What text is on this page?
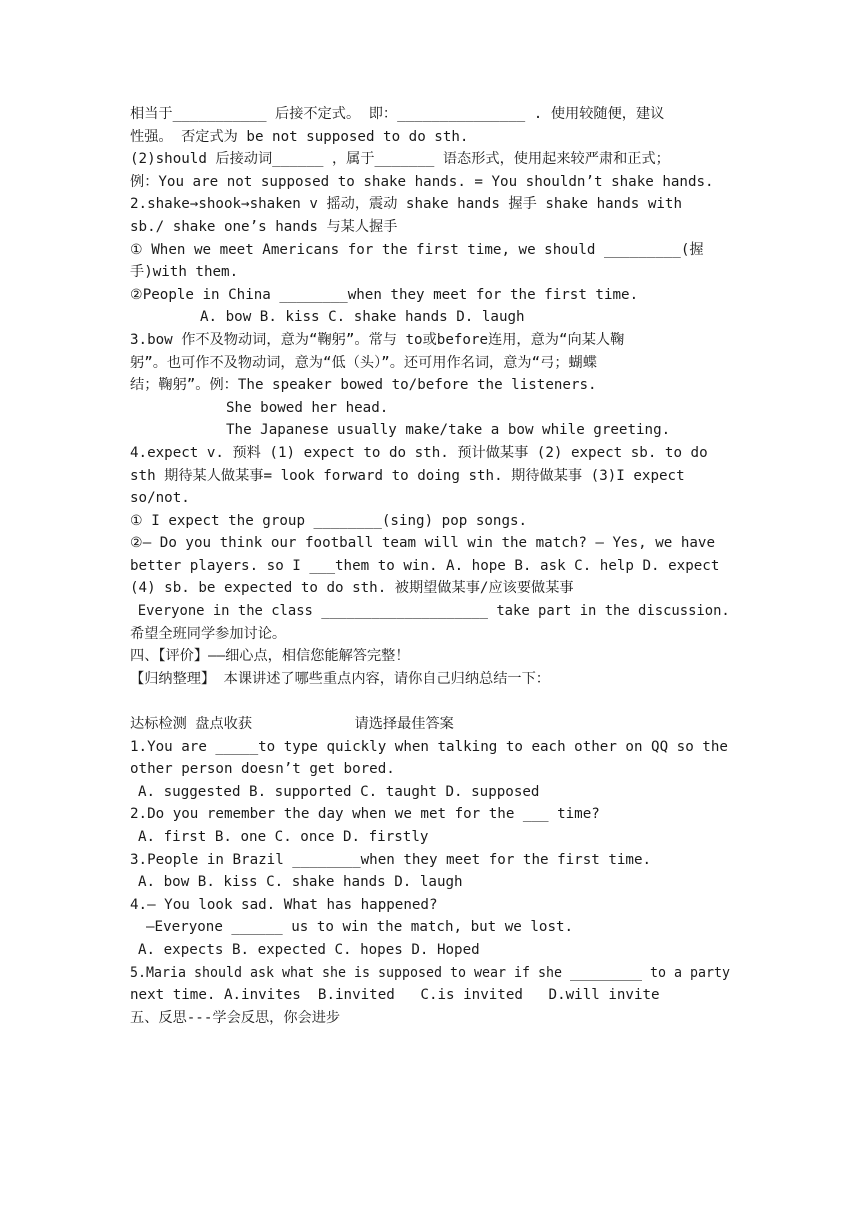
相当于___________ 后接不定式。 即：_______________ . 使用较随便，建议
性强。 否定式为 be not supposed to do sth.
(2)should 后接动词______ ，属于_______ 语态形式，使用起来较严肃和正式；
例：You are not supposed to shake hands. = You shouldn’t shake hands.
2.shake→shook→shaken v 摇动，震动 shake hands 握手 shake hands with
sb./ shake one’s hands 与某人握手
① When we meet Americans for the first time, we should _________(握
手)with them.
②People in China ________when they meet for the first time.
A. bow B. kiss C. shake hands D. laugh
3.bow 作不及物动词，意为“鞠躬”。常与 to或before连用，意为“向某人鞠
躬”。也可作不及物动词，意为“低（头）”。还可用作名词，意为“弓；蝴蝶
结；鞠躬”。例：The speaker bowed to/before the listeners.
She bowed her head.
The Japanese usually make/take a bow while greeting.
4.expect v. 预料 (1) expect to do sth. 预计做某事 (2) expect sb. to do
sth 期待某人做某事= look forward to doing sth. 期待做某事 (3)I expect
so/not.
① I expect the group ________(sing) pop songs.
②— Do you think our football team will win the match? — Yes, we have
better players. so I ___them to win. A. hope B. ask C. help D. expect
(4) sb. be expected to do sth. 被期望做某事/应该要做某事
Everyone in the class ____________________ take part in the discussion.
希望全班同学参加讨论。
四、【评价】——细心点，相信您能解答完整！
【归纳整理】 本课讲述了哪些重点内容，请你自己归纳总结一下：
达标检测 盘点收获            请选择最佳答案
1.You are _____to type quickly when talking to each other on QQ so the
other person doesn’t get bored.
A. suggested B. supported C. taught D. supposed
2.Do you remember the day when we met for the ___ time?
A. first B. one C. once D. firstly
3.People in Brazil ________when they meet for the first time.
A. bow B. kiss C. shake hands D. laugh
4.— You look sad. What has happened?
—Everyone ______ us to win the match, but we lost.
A. expects B. expected C. hopes D. Hoped
5.Maria should ask what she is supposed to wear if she _________ to a party
next time. A.invites  B.invited   C.is invited   D.will invite
五、反思---学会反思，你会进步
